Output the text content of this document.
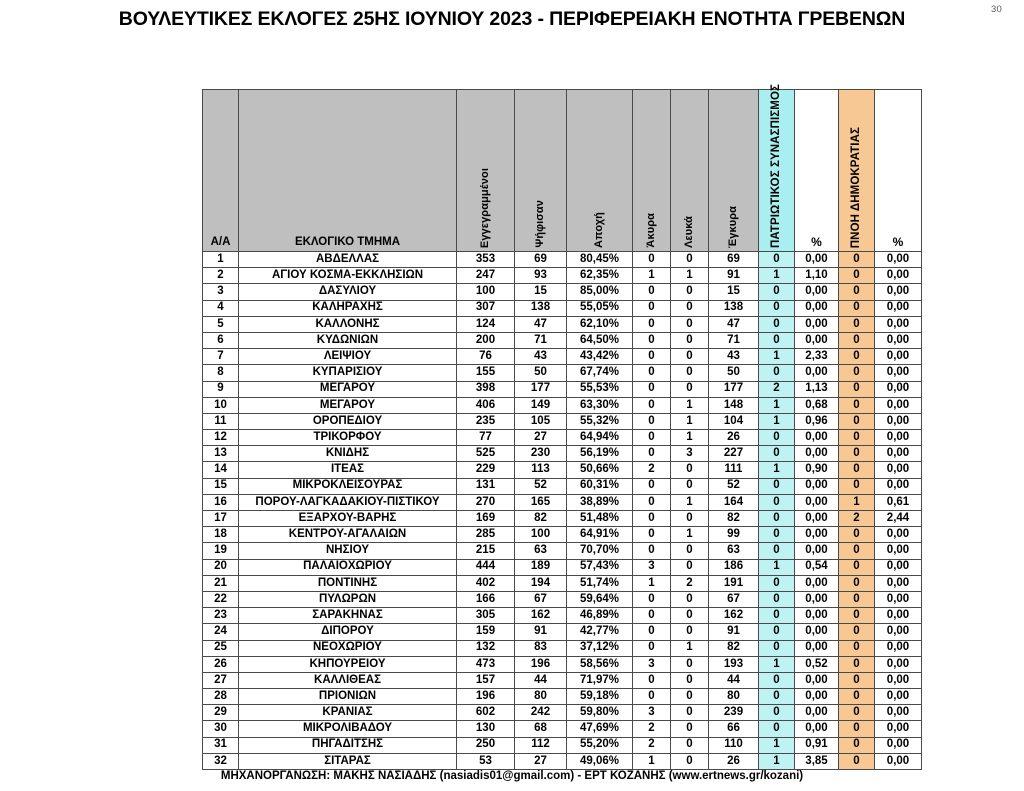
30
ΒΟΥΛΕΥΤΙΚΕΣ ΕΚΛΟΓΕΣ 25ΗΣ ΙΟΥΝΙΟΥ 2023 - ΠΕΡΙΦΕΡΕΙΑΚΗ ΕΝΟΤΗΤΑ ΓΡΕΒΕΝΩΝ
Α/Α	ΕΚΛΟΓΙΚΟ ΤΜΗΜΑ	Εγγεγραμμένοι	Ψήφισαν	Αποχή	Άκυρα	Λευκά	Έγκυρα	ΠΑΤΡΙΩΤΙΚΟΣ ΣΥΝΑΣΠΙΣΜΟΣ	%	ΠΝΟΗ ΔΗΜΟΚΡΑΤΙΑΣ	%

1	ΑΒΔΕΛΛΑΣ	353	69	80,45%	0	0	69	0	0,00	0	0,00
2	ΑΓΙΟΥ ΚΟΣΜΑ-ΕΚΚΛΗΣΙΩΝ	247	93	62,35%	1	1	91	1	1,10	0	0,00
3	ΔΑΣΥΛΙΟΥ	100	15	85,00%	0	0	15	0	0,00	0	0,00
4	ΚΑΛΗΡΑΧΗΣ	307	138	55,05%	0	0	138	0	0,00	0	0,00
5	ΚΑΛΛΟΝΗΣ	124	47	62,10%	0	0	47	0	0,00	0	0,00
6	ΚΥΔΩΝΙΩΝ	200	71	64,50%	0	0	71	0	0,00	0	0,00
7	ΛΕΙΨΙΟΥ	76	43	43,42%	0	0	43	1	2,33	0	0,00
8	ΚΥΠΑΡΙΣΙΟΥ	155	50	67,74%	0	0	50	0	0,00	0	0,00
9	ΜΕΓΑΡΟΥ	398	177	55,53%	0	0	177	2	1,13	0	0,00
10	ΜΕΓΑΡΟΥ	406	149	63,30%	0	1	148	1	0,68	0	0,00
11	ΟΡΟΠΕΔΙΟΥ	235	105	55,32%	0	1	104	1	0,96	0	0,00
12	ΤΡΙΚΟΡΦΟΥ	77	27	64,94%	0	1	26	0	0,00	0	0,00
13	ΚΝΙΔΗΣ	525	230	56,19%	0	3	227	0	0,00	0	0,00
14	ΙΤΕΑΣ	229	113	50,66%	2	0	111	1	0,90	0	0,00
15	ΜΙΚΡΟΚΛΕΙΣΟΥΡΑΣ	131	52	60,31%	0	0	52	0	0,00	0	0,00
16	ΠΟΡΟΥ-ΛΑΓΚΑΔΑΚΙΟΥ-ΠΙΣΤΙΚΟΥ	270	165	38,89%	0	1	164	0	0,00	1	0,61
17	ΕΞΑΡΧΟΥ-ΒΑΡΗΣ	169	82	51,48%	0	0	82	0	0,00	2	2,44
18	ΚΕΝΤΡΟΥ-ΑΓΑΛΑΙΩΝ	285	100	64,91%	0	1	99	0	0,00	0	0,00
19	ΝΗΣΙΟΥ	215	63	70,70%	0	0	63	0	0,00	0	0,00
20	ΠΑΛΑΙΟΧΩΡΙΟΥ	444	189	57,43%	3	0	186	1	0,54	0	0,00
21	ΠΟΝΤΙΝΗΣ	402	194	51,74%	1	2	191	0	0,00	0	0,00
22	ΠΥΛΩΡΩΝ	166	67	59,64%	0	0	67	0	0,00	0	0,00
23	ΣΑΡΑΚΗΝΑΣ	305	162	46,89%	0	0	162	0	0,00	0	0,00
24	ΔΙΠΟΡΟΥ	159	91	42,77%	0	0	91	0	0,00	0	0,00
25	ΝΕΟΧΩΡΙΟΥ	132	83	37,12%	0	1	82	0	0,00	0	0,00
26	ΚΗΠΟΥΡΕΙΟΥ	473	196	58,56%	3	0	193	1	0,52	0	0,00
27	ΚΑΛΛΙΘΕΑΣ	157	44	71,97%	0	0	44	0	0,00	0	0,00
28	ΠΡΙΟΝΙΩΝ	196	80	59,18%	0	0	80	0	0,00	0	0,00
29	ΚΡΑΝΙΑΣ	602	242	59,80%	3	0	239	0	0,00	0	0,00
30	ΜΙΚΡΟΛΙΒΑΔΟΥ	130	68	47,69%	2	0	66	0	0,00	0	0,00
31	ΠΗΓΑΔΙΤΣΗΣ	250	112	55,20%	2	0	110	1	0,91	0	0,00
32	ΣΙΤΑΡΑΣ	53	27	49,06%	1	0	26	1	3,85	0	0,00
ΜΗΧΑΝΟΡΓΑΝΩΣΗ: ΜΑΚΗΣ ΝΑΣΙΑΔΗΣ (nasiadis01@gmail.com) - ΕΡΤ ΚΟΖΑΝΗΣ (www.ertnews.gr/kozani)
